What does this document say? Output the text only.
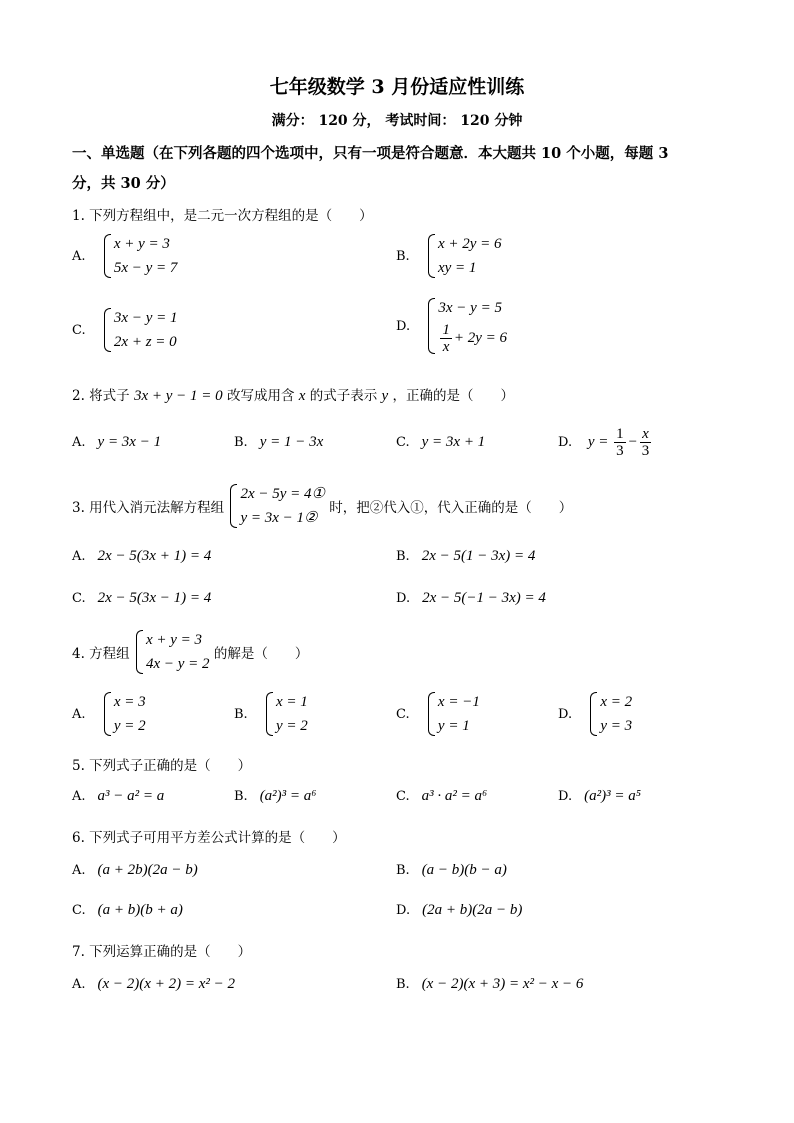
七年级数学 3 月份适应性训练
满分： 120 分， 考试时间： 120 分钟
一、单选题（在下列各题的四个选项中，只有一项是符合题意．本大题共 10 个小题，每题 3
分，共 30 分）
1. 下列方程组中，是二元一次方程组的是（　　）
A.
x + y = 3
5x − y = 7
B.
x + 2y = 6
xy = 1
C.
3x − y = 1
2x + z = 0
D.
3x − y = 5
$\frac{1}{x} + 2y = 6$
2. 将式子 3x + y − 1 = 0 改写成用含 x 的式子表示 y ，正确的是（　　）
A. y = 3x − 1	B. y = 1 − 3x	C. y = 3x + 1	D. $y = \frac{1}{3} - \frac{x}{3}$
3. 用代入消元法解方程组
2x − 5y = 4①
y = 3x − 1②
时，把②代入①，代入正确的是（　　）
A. 2x − 5(3x + 1) = 4	B. 2x − 5(1 − 3x) = 4
C. 2x − 5(3x − 1) = 4	D. 2x − 5(−1 − 3x) = 4
4. 方程组
x + y = 3
4x − y = 2
的解是（　　）
A.
x = 3
y = 2
B.
x = 1
y = 2
C.
x = −1
y = 1
D.
x = 2
y = 3
5. 下列式子正确的是（　　）
A. a³ − a² = a	B. (a²)³ = a⁶	C. a³ · a² = a⁶	D. (a²)³ = a⁵
6. 下列式子可用平方差公式计算的是（　　）
A. (a + 2b)(2a − b)	B. (a − b)(b − a)
C. (a + b)(b + a)	D. (2a + b)(2a − b)
7. 下列运算正确的是（　　）
A. (x − 2)(x + 2) = x² − 2	B. (x − 2)(x + 3) = x² − x − 6
